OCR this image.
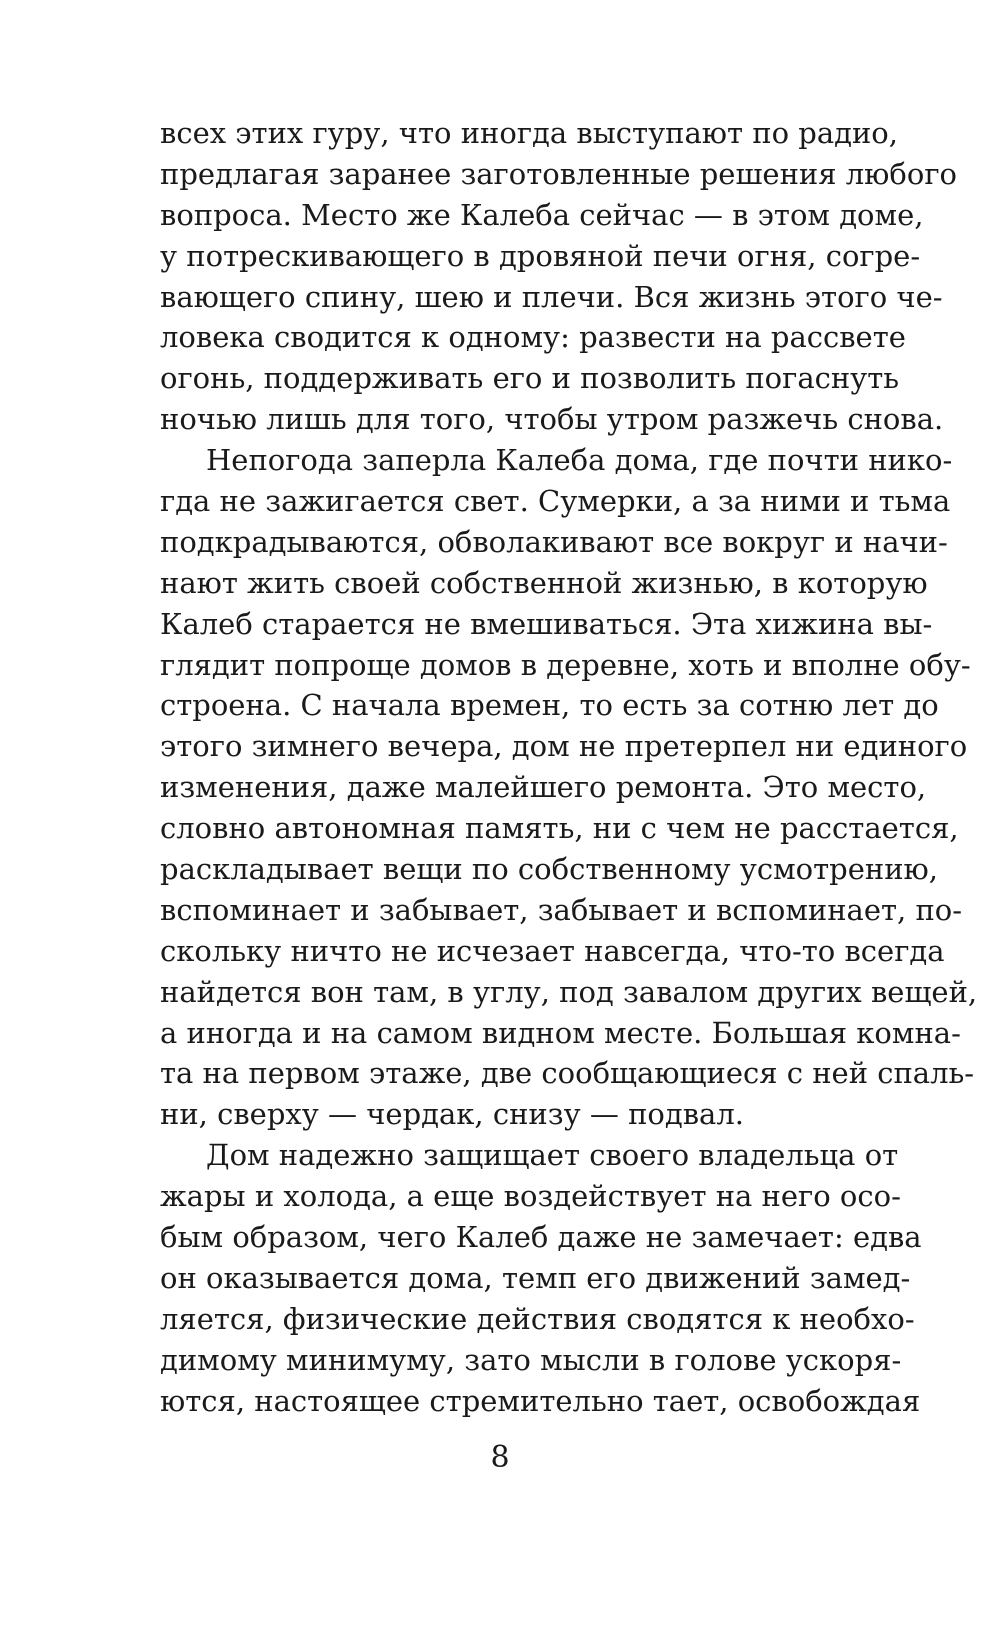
всех этих гуру, что иногда выступают по радио,
предлагая заранее заготовленные решения любого
вопроса. Место же Калеба сейчас — в этом доме,
у потрескивающего в дровяной печи огня, согре-
вающего спину, шею и плечи. Вся жизнь этого че-
ловека сводится к одному: развести на рассвете
огонь, поддерживать его и позволить погаснуть
ночью лишь для того, чтобы утром разжечь снова.
Непогода заперла Калеба дома, где почти нико-
гда не зажигается свет. Сумерки, а за ними и тьма
подкрадываются, обволакивают все вокруг и начи-
нают жить своей собственной жизнью, в которую
Калеб старается не вмешиваться. Эта хижина вы-
глядит попроще домов в деревне, хоть и вполне обу-
строена. С начала времен, то есть за сотню лет до
этого зимнего вечера, дом не претерпел ни единого
изменения, даже малейшего ремонта. Это место,
словно автономная память, ни с чем не расстается,
раскладывает вещи по собственному усмотрению,
вспоминает и забывает, забывает и вспоминает, по-
скольку ничто не исчезает навсегда, что-то всегда
найдется вон там, в углу, под завалом других вещей,
а иногда и на самом видном месте. Большая комна-
та на первом этаже, две сообщающиеся с ней спаль-
ни, сверху — чердак, снизу — подвал.
Дом надежно защищает своего владельца от
жары и холода, а еще воздействует на него осо-
бым образом, чего Калеб даже не замечает: едва
он оказывается дома, темп его движений замед-
ляется, физические действия сводятся к необхо-
димому минимуму, зато мысли в голове ускоря-
ются, настоящее стремительно тает, освобождая
8
